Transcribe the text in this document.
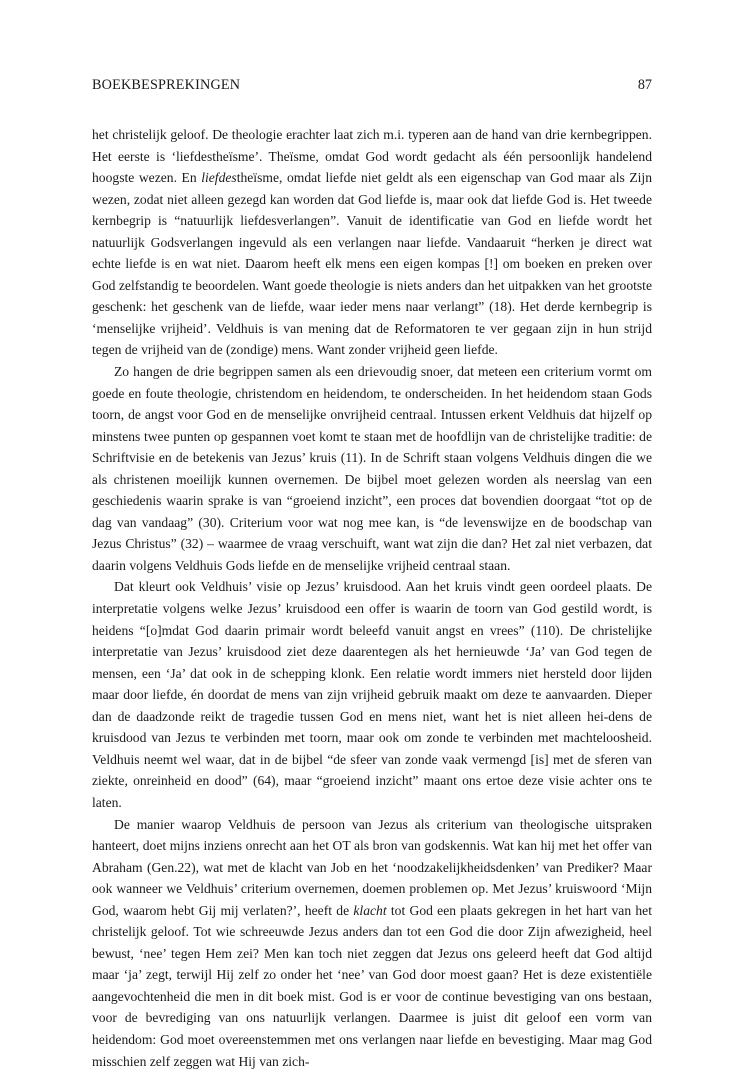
BOEKBESPREKINGEN	87

het christelijk geloof. De theologie erachter laat zich m.i. typeren aan de hand van drie kernbegrippen. Het eerste is ‘liefdestheïsme’. Theïsme, omdat God wordt gedacht als één persoonlijk handelend hoogste wezen. En liefdestheïsme, omdat liefde niet geldt als een eigenschap van God maar als Zijn wezen, zodat niet alleen gezegd kan worden dat God liefde is, maar ook dat liefde God is. Het tweede kernbegrip is “natuurlijk liefdesverlangen”. Vanuit de identificatie van God en liefde wordt het natuurlijk Godsverlangen ingevuld als een verlangen naar liefde. Vandaaruit “herken je direct wat echte liefde is en wat niet. Daarom heeft elk mens een eigen kompas [!] om boeken en preken over God zelfstandig te beoordelen. Want goede theologie is niets anders dan het uitpakken van het grootste geschenk: het geschenk van de liefde, waar ieder mens naar verlangt” (18). Het derde kernbegrip is ‘menselijke vrijheid’. Veldhuis is van mening dat de Reformatoren te ver gegaan zijn in hun strijd tegen de vrijheid van de (zondige) mens. Want zonder vrijheid geen liefde.

Zo hangen de drie begrippen samen als een drievoudig snoer, dat meteen een criterium vormt om goede en foute theologie, christendom en heidendom, te onderscheiden. In het heidendom staan Gods toorn, de angst voor God en de menselijke onvrijheid centraal. Intussen erkent Veldhuis dat hijzelf op minstens twee punten op gespannen voet komt te staan met de hoofdlijn van de christelijke traditie: de Schriftvisie en de betekenis van Jezus’ kruis (11). In de Schrift staan volgens Veldhuis dingen die we als christenen moeilijk kunnen overnemen. De bijbel moet gelezen worden als neerslag van een geschiedenis waarin sprake is van “groeiend inzicht”, een proces dat bovendien doorgaat “tot op de dag van vandaag” (30). Criterium voor wat nog mee kan, is “de levenswijze en de boodschap van Jezus Christus” (32) – waarmee de vraag verschuift, want wat zijn die dan? Het zal niet verbazen, dat daarin volgens Veldhuis Gods liefde en de menselijke vrijheid centraal staan.

Dat kleurt ook Veldhuis’ visie op Jezus’ kruisdood. Aan het kruis vindt geen oordeel plaats. De interpretatie volgens welke Jezus’ kruisdood een offer is waarin de toorn van God gestild wordt, is heidens “[o]mdat God daarin primair wordt beleefd vanuit angst en vrees” (110). De christelijke interpretatie van Jezus’ kruisdood ziet deze daarentegen als het hernieuwde ‘Ja’ van God tegen de mensen, een ‘Ja’ dat ook in de schepping klonk. Een relatie wordt immers niet hersteld door lijden maar door liefde, én doordat de mens van zijn vrijheid gebruik maakt om deze te aanvaarden. Dieper dan de daadzonde reikt de tragedie tussen God en mens niet, want het is niet alleen hei-dens de kruisdood van Jezus te verbinden met toorn, maar ook om zonde te verbinden met machteloosheid. Veldhuis neemt wel waar, dat in de bijbel “de sfeer van zonde vaak vermengd [is] met de sferen van ziekte, onreinheid en dood” (64), maar “groeiend inzicht” maant ons ertoe deze visie achter ons te laten.

De manier waarop Veldhuis de persoon van Jezus als criterium van theologische uitspraken hanteert, doet mijns inziens onrecht aan het OT als bron van godskennis. Wat kan hij met het offer van Abraham (Gen.22), wat met de klacht van Job en het ‘noodzakelijkheidsdenken’ van Prediker? Maar ook wanneer we Veldhuis’ criterium overnemen, doemen problemen op. Met Jezus’ kruiswoord ‘Mijn God, waarom hebt Gij mij verlaten?’, heeft de klacht tot God een plaats gekregen in het hart van het christelijk geloof. Tot wie schreeuwde Jezus anders dan tot een God die door Zijn afwezigheid, heel bewust, ‘nee’ tegen Hem zei? Men kan toch niet zeggen dat Jezus ons geleerd heeft dat God altijd maar ‘ja’ zegt, terwijl Hij zelf zo onder het ‘nee’ van God door moest gaan? Het is deze existentiële aangevochtenheid die men in dit boek mist. God is er voor de continue bevestiging van ons bestaan, voor de bevrediging van ons natuurlijk verlangen. Daarmee is juist dit geloof een vorm van heidendom: God moet overeenstemmen met ons verlangen naar liefde en bevestiging. Maar mag God misschien zelf zeggen wat Hij van zich-
